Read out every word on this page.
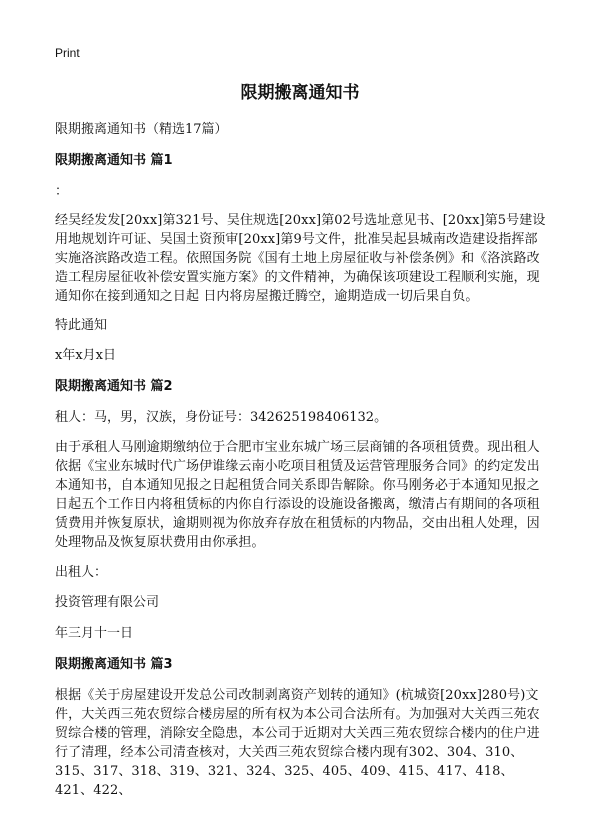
Print
限期搬离通知书

限期搬离通知书（精选17篇）

限期搬离通知书 篇1

：

经吴经发发[20xx]第321号、吴住规选[20xx]第02号选址意见书、[20xx]第5号建设用地规划许可证、吴国土资预审[20xx]第9号文件，批准吴起县城南改造建设指挥部实施洛滨路改造工程。依照国务院《国有土地上房屋征收与补偿条例》和《洛滨路改造工程房屋征收补偿安置实施方案》的文件精神，为确保该项建设工程顺利实施，现通知你在接到通知之日起 日内将房屋搬迁腾空，逾期造成一切后果自负。

特此通知

x年x月x日

限期搬离通知书 篇2

租人：马，男，汉族，身份证号：342625198406132。

由于承租人马刚逾期缴纳位于合肥市宝业东城广场三层商铺的各项租赁费。现出租人依据《宝业东城时代广场伊谁缘云南小吃项目租赁及运营管理服务合同》的约定发出本通知书，自本通知见报之日起租赁合同关系即告解除。你马刚务必于本通知见报之日起五个工作日内将租赁标的内你自行添设的设施设备搬离，缴清占有期间的各项租赁费用并恢复原状，逾期则视为你放弃存放在租赁标的内物品，交由出租人处理，因处理物品及恢复原状费用由你承担。

出租人：

投资管理有限公司

年三月十一日

限期搬离通知书 篇3

根据《关于房屋建设开发总公司改制剥离资产划转的通知》(杭城资[20xx]280号)文件，大关西三苑农贸综合楼房屋的所有权为本公司合法所有。为加强对大关西三苑农贸综合楼的管理，消除安全隐患，本公司于近期对大关西三苑农贸综合楼内的住户进行了清理，经本公司清查核对，大关西三苑农贸综合楼内现有302、304、310、315、317、318、319、321、324、325、405、409、415、417、418、421、422、
